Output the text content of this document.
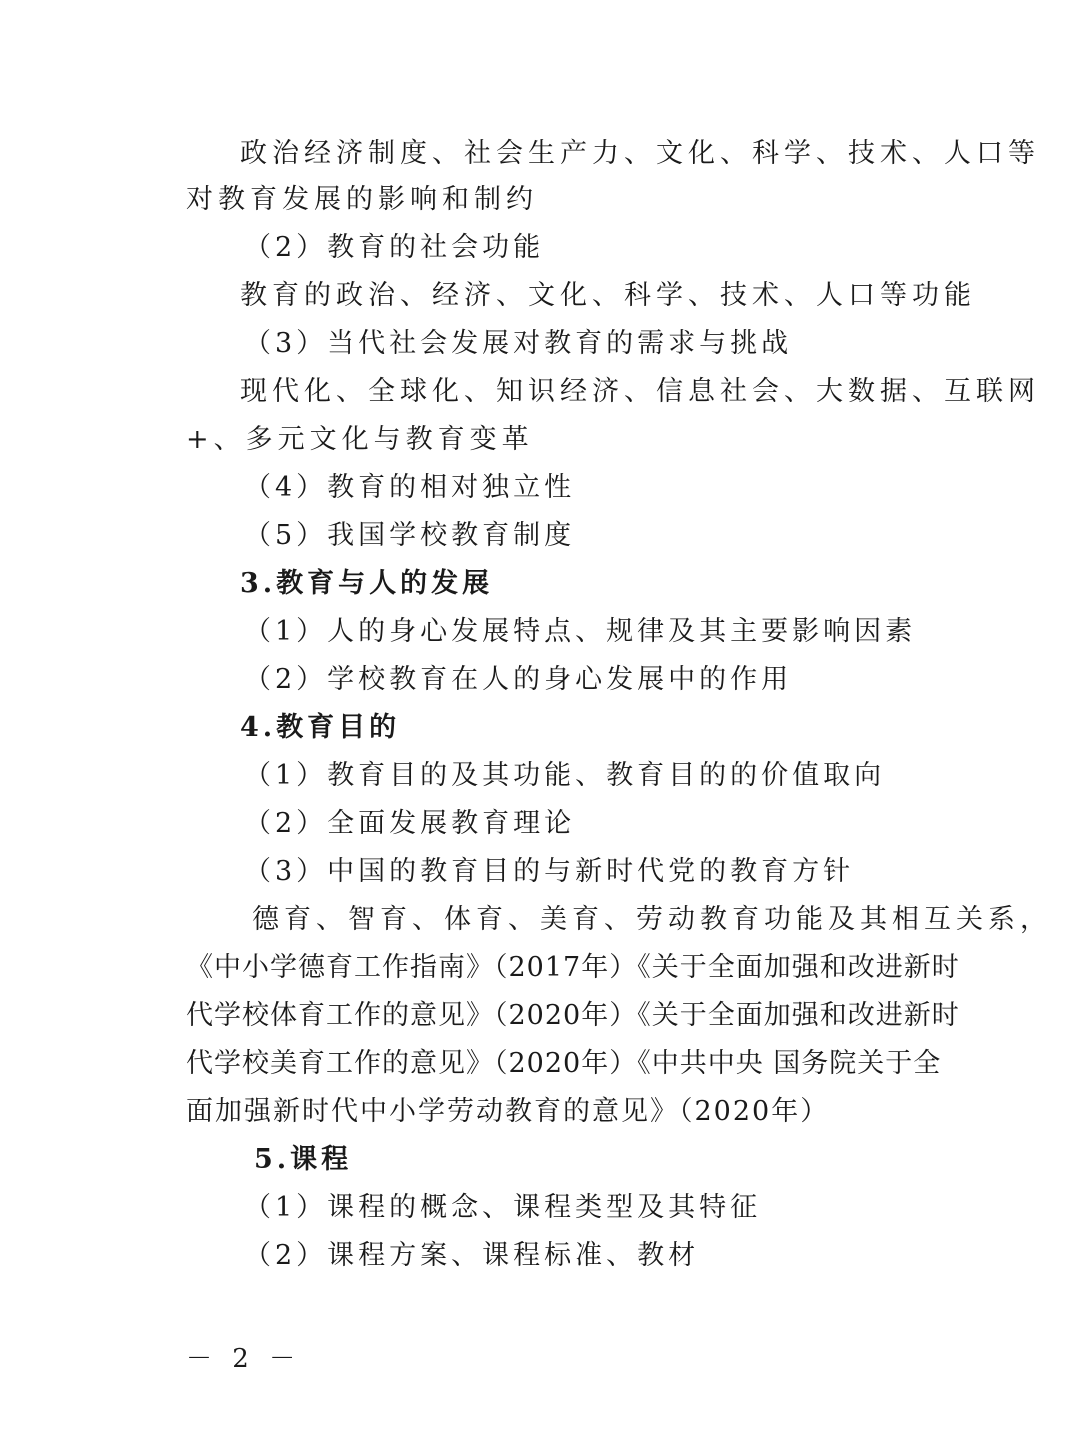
政治经济制度、社会生产力、文化、科学、技术、人口等
对教育发展的影响和制约
（2）教育的社会功能
教育的政治、经济、文化、科学、技术、人口等功能
（3）当代社会发展对教育的需求与挑战
现代化、全球化、知识经济、信息社会、大数据、互联网
+、多元文化与教育变革
（4）教育的相对独立性
（5）我国学校教育制度
3.教育与人的发展
（1）人的身心发展特点、规律及其主要影响因素
（2）学校教育在人的身心发展中的作用
4.教育目的
（1）教育目的及其功能、教育目的的价值取向
（2）全面发展教育理论
（3）中国的教育目的与新时代党的教育方针
德育、智育、体育、美育、劳动教育功能及其相互关系，
《中小学德育工作指南》（2017年）《关于全面加强和改进新时
代学校体育工作的意见》（2020年）《关于全面加强和改进新时
代学校美育工作的意见》（2020年）《中共中央 国务院关于全
面加强新时代中小学劳动教育的意见》（2020年）
5.课程
（1）课程的概念、课程类型及其特征
（2）课程方案、课程标准、教材
－ 2 －
